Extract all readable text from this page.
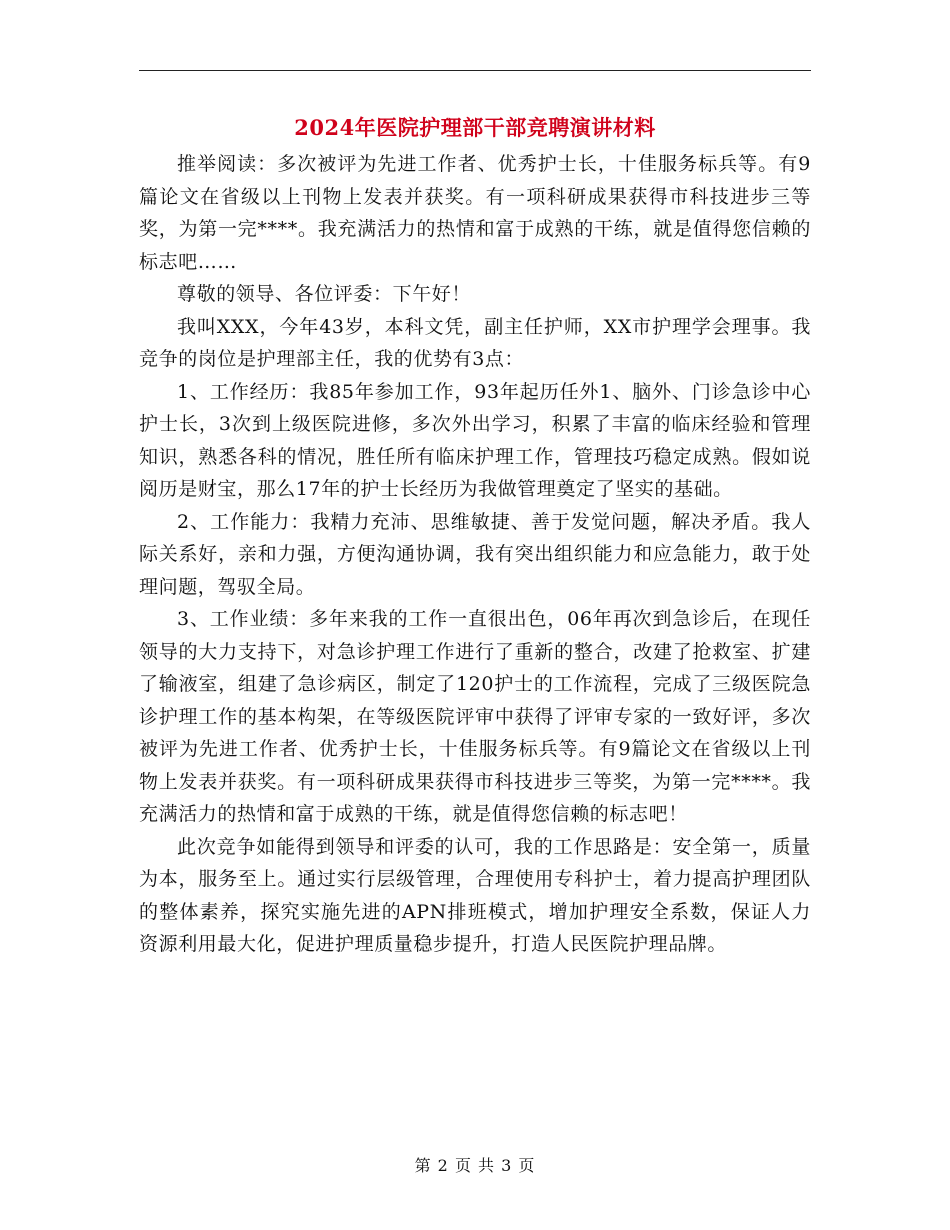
2024年医院护理部干部竞聘演讲材料

推举阅读：多次被评为先进工作者、优秀护士长，十佳服务标兵等。有9篇论文在省级以上刊物上发表并获奖。有一项科研成果获得市科技进步三等奖，为第一完****。我充满活力的热情和富于成熟的干练，就是值得您信赖的标志吧……

尊敬的领导、各位评委：下午好！

我叫XXX，今年43岁，本科文凭，副主任护师，XX市护理学会理事。我竞争的岗位是护理部主任，我的优势有3点：

1、工作经历：我85年参加工作，93年起历任外1、脑外、门诊急诊中心护士长，3次到上级医院进修，多次外出学习，积累了丰富的临床经验和管理知识，熟悉各科的情况，胜任所有临床护理工作，管理技巧稳定成熟。假如说阅历是财宝，那么17年的护士长经历为我做管理奠定了坚实的基础。

2、工作能力：我精力充沛、思维敏捷、善于发觉问题，解决矛盾。我人际关系好，亲和力强，方便沟通协调，我有突出组织能力和应急能力，敢于处理问题，驾驭全局。

3、工作业绩：多年来我的工作一直很出色，06年再次到急诊后，在现任领导的大力支持下，对急诊护理工作进行了重新的整合，改建了抢救室、扩建了输液室，组建了急诊病区，制定了120护士的工作流程，完成了三级医院急诊护理工作的基本构架，在等级医院评审中获得了评审专家的一致好评，多次被评为先进工作者、优秀护士长，十佳服务标兵等。有9篇论文在省级以上刊物上发表并获奖。有一项科研成果获得市科技进步三等奖，为第一完****。我充满活力的热情和富于成熟的干练，就是值得您信赖的标志吧！

此次竞争如能得到领导和评委的认可，我的工作思路是：安全第一，质量为本，服务至上。通过实行层级管理，合理使用专科护士，着力提高护理团队的整体素养，探究实施先进的APN排班模式，增加护理安全系数，保证人力资源利用最大化，促进护理质量稳步提升，打造人民医院护理品牌。

第 2 页 共 3 页
